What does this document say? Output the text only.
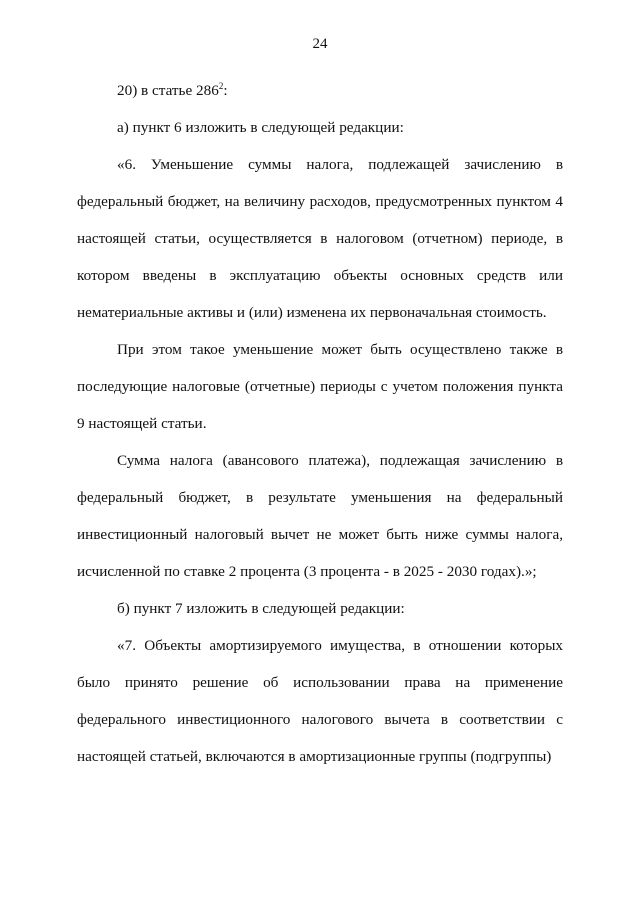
24

20) в статье $286^2$:

а) пункт 6 изложить в следующей редакции:

«6. Уменьшение суммы налога, подлежащей зачислению в федеральный бюджет, на величину расходов, предусмотренных пунктом 4 настоящей статьи, осуществляется в налоговом (отчетном) периоде, в котором введены в эксплуатацию объекты основных средств или нематериальные активы и (или) изменена их первоначальная стоимость.

При этом такое уменьшение может быть осуществлено также в последующие налоговые (отчетные) периоды с учетом положения пункта 9 настоящей статьи.

Сумма налога (авансового платежа), подлежащая зачислению в федеральный бюджет, в результате уменьшения на федеральный инвестиционный налоговый вычет не может быть ниже суммы налога, исчисленной по ставке 2 процента (3 процента - в 2025 - 2030 годах).»;

б) пункт 7 изложить в следующей редакции:

«7. Объекты амортизируемого имущества, в отношении которых было принято решение об использовании права на применение федерального инвестиционного налогового вычета в соответствии с настоящей статьей, включаются в амортизационные группы (подгруппы)
